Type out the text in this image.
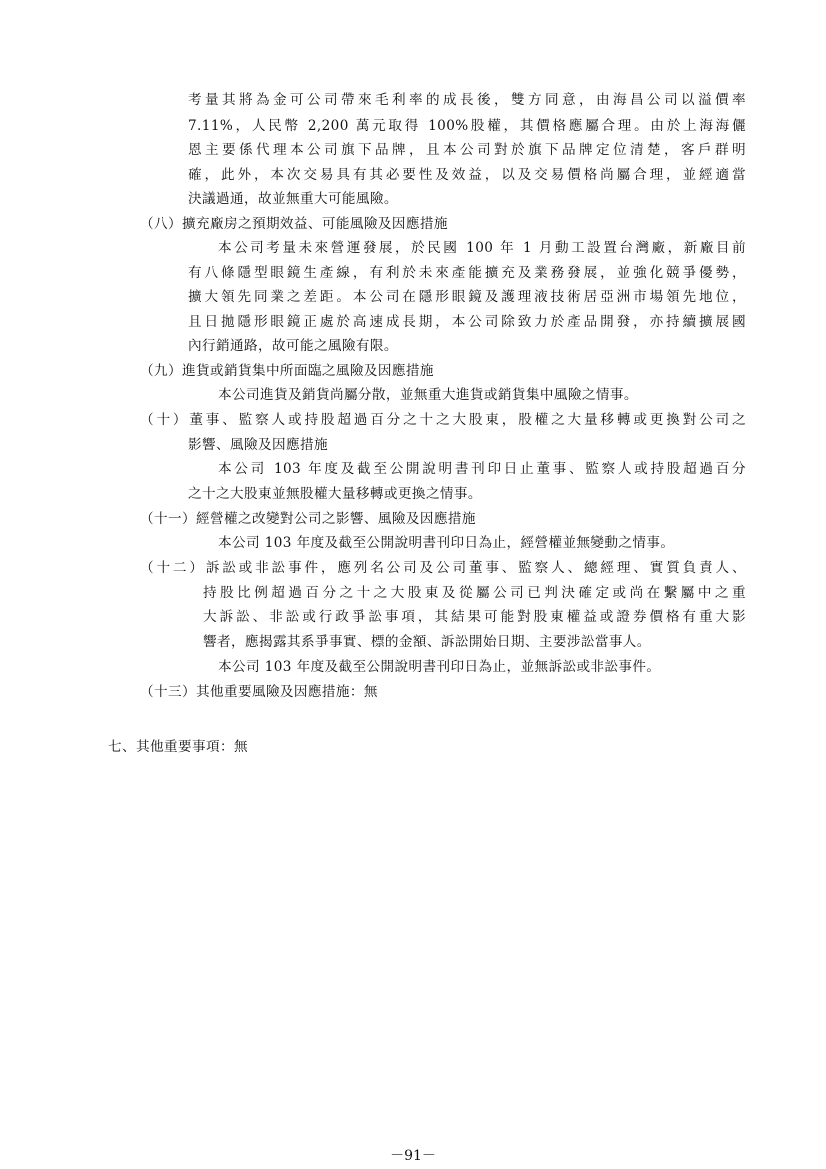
考量其將為金可公司帶來毛利率的成長後，雙方同意，由海昌公司以溢價率
7.11%，人民幣 2,200 萬元取得 100%股權，其價格應屬合理。由於上海海儷
恩主要係代理本公司旗下品牌，且本公司對於旗下品牌定位清楚，客戶群明
確，此外，本次交易具有其必要性及效益，以及交易價格尚屬合理，並經適當
決議過通，故並無重大可能風險。
（八）擴充廠房之預期效益、可能風險及因應措施
本公司考量未來營運發展，於民國 100 年 1 月動工設置台灣廠，新廠目前
有八條隱型眼鏡生產線，有利於未來產能擴充及業務發展，並強化競爭優勢，
擴大領先同業之差距。本公司在隱形眼鏡及護理液技術居亞洲市場領先地位，
且日拋隱形眼鏡正處於高速成長期，本公司除致力於產品開發，亦持續擴展國
內行銷通路，故可能之風險有限。
（九）進貨或銷貨集中所面臨之風險及因應措施
本公司進貨及銷貨尚屬分散，並無重大進貨或銷貨集中風險之情事。
（十）董事、監察人或持股超過百分之十之大股東，股權之大量移轉或更換對公司之
影響、風險及因應措施
本公司 103 年度及截至公開說明書刊印日止董事、監察人或持股超過百分
之十之大股東並無股權大量移轉或更換之情事。
（十一）經營權之改變對公司之影響、風險及因應措施
本公司 103 年度及截至公開說明書刊印日為止，經營權並無變動之情事。
（十二）訴訟或非訟事件，應列名公司及公司董事、監察人、總經理、實質負責人、
持股比例超過百分之十之大股東及從屬公司已判決確定或尚在繫屬中之重
大訴訟、非訟或行政爭訟事項，其結果可能對股東權益或證券價格有重大影
響者，應揭露其系爭事實、標的金額、訴訟開始日期、主要涉訟當事人。
本公司 103 年度及截至公開說明書刊印日為止，並無訴訟或非訟事件。
（十三）其他重要風險及因應措施：無
七、其他重要事項：無
－91－
